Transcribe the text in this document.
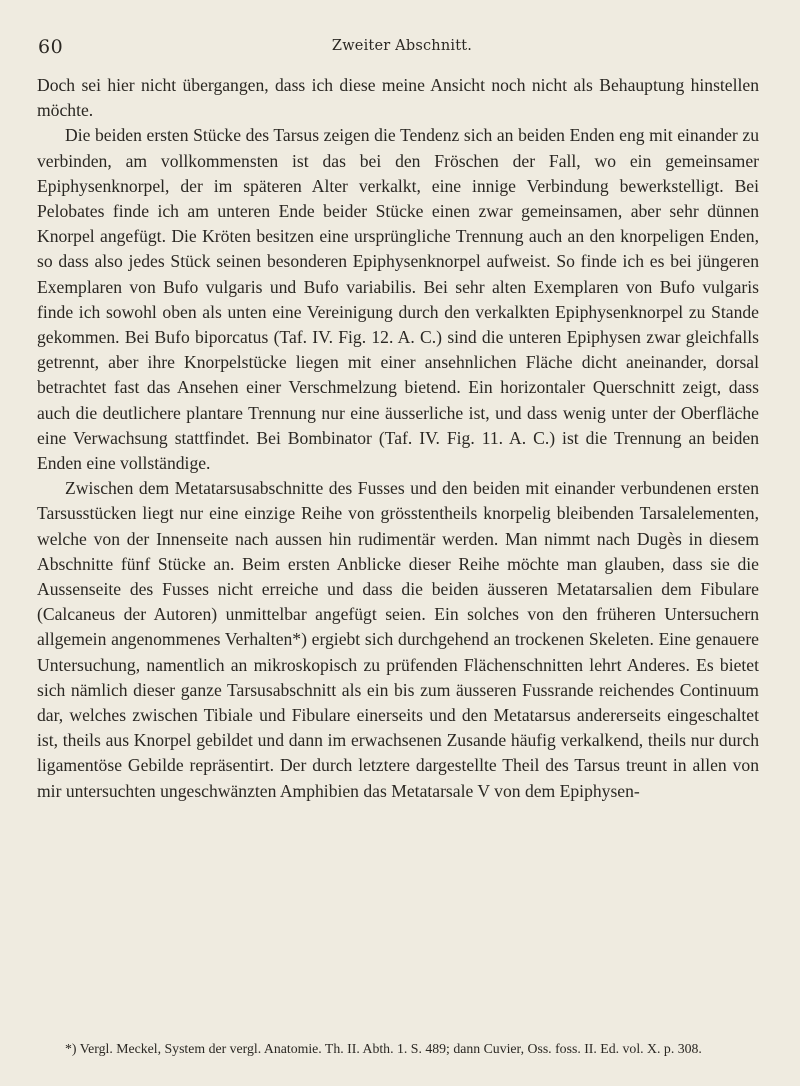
60	Zweiter Abschnitt.

Doch sei hier nicht übergangen, dass ich diese meine Ansicht noch nicht als Behauptung hinstellen möchte.

Die beiden ersten Stücke des Tarsus zeigen die Tendenz sich an beiden Enden eng mit einander zu verbinden, am vollkommensten ist das bei den Fröschen der Fall, wo ein gemeinsamer Epiphysenknorpel, der im späteren Alter verkalkt, eine innige Verbindung bewerkstelligt. Bei Pelobates finde ich am unteren Ende beider Stücke einen zwar gemeinsamen, aber sehr dünnen Knorpel angefügt. Die Kröten besitzen eine ursprüngliche Trennung auch an den knorpeligen Enden, so dass also jedes Stück seinen besonderen Epiphysenknorpel aufweist. So finde ich es bei jüngeren Exemplaren von Bufo vulgaris und Bufo variabilis. Bei sehr alten Exemplaren von Bufo vulgaris finde ich sowohl oben als unten eine Vereinigung durch den verkalkten Epiphysenknorpel zu Stande gekommen. Bei Bufo biporcatus (Taf. IV. Fig. 12. A. C.) sind die unteren Epiphysen zwar gleichfalls getrennt, aber ihre Knorpelstücke liegen mit einer ansehnlichen Fläche dicht aneinander, dorsal betrachtet fast das Ansehen einer Verschmelzung bietend. Ein horizontaler Querschnitt zeigt, dass auch die deutlichere plantare Trennung nur eine äusserliche ist, und dass wenig unter der Oberfläche eine Verwachsung stattfindet. Bei Bombinator (Taf. IV. Fig. 11. A. C.) ist die Trennung an beiden Enden eine vollständige.

Zwischen dem Metatarsusabschnitte des Fusses und den beiden mit einander verbundenen ersten Tarsusstücken liegt nur eine einzige Reihe von grösstentheils knorpelig bleibenden Tarsalelementen, welche von der Innenseite nach aussen hin rudimentär werden. Man nimmt nach Dugès in diesem Abschnitte fünf Stücke an. Beim ersten Anblicke dieser Reihe möchte man glauben, dass sie die Aussenseite des Fusses nicht erreiche und dass die beiden äusseren Metatarsalien dem Fibulare (Calcaneus der Autoren) unmittelbar angefügt seien. Ein solches von den früheren Untersuchern allgemein angenommenes Verhalten*) ergiebt sich durchgehend an trockenen Skeleten. Eine genauere Untersuchung, namentlich an mikroskopisch zu prüfenden Flächenschnitten lehrt Anderes. Es bietet sich nämlich dieser ganze Tarsusabschnitt als ein bis zum äusseren Fussrande reichendes Continuum dar, welches zwischen Tibiale und Fibulare einerseits und den Metatarsus andererseits eingeschaltet ist, theils aus Knorpel gebildet und dann im erwachsenen Zusande häufig verkalkend, theils nur durch ligamentöse Gebilde repräsentirt. Der durch letztere dargestellte Theil des Tarsus treunt in allen von mir untersuchten ungeschwänzten Amphibien das Metatarsale V von dem Epiphysen-

*) Vergl. Meckel, System der vergl. Anatomie. Th. II. Abth. 1. S. 489; dann Cuvier, Oss. foss. II. Ed. vol. X. p. 308.
